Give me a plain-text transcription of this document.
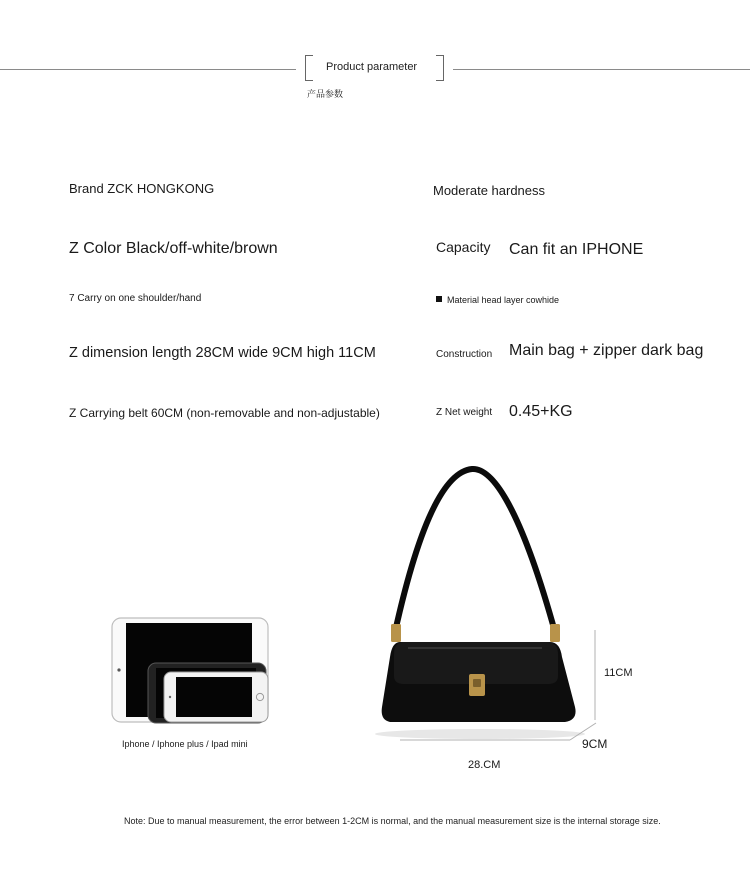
Product parameter
产品参数
Brand ZCK HONGKONG	Moderate hardness
Z Color Black/off-white/brown	Capacity Can fit an IPHONE
7 Carry on one shoulder/hand	Material head layer cowhide
Z dimension length 28CM wide 9CM high 11CM	Construction Main bag + zipper dark bag
Z Carrying belt 60CM (non-removable and non-adjustable)	Z Net weight 0.45+KG
Iphone / Iphone plus / Ipad mini
11CM
9CM
28.CM
Note: Due to manual measurement, the error between 1-2CM is normal, and the manual measurement size is the internal storage size.
